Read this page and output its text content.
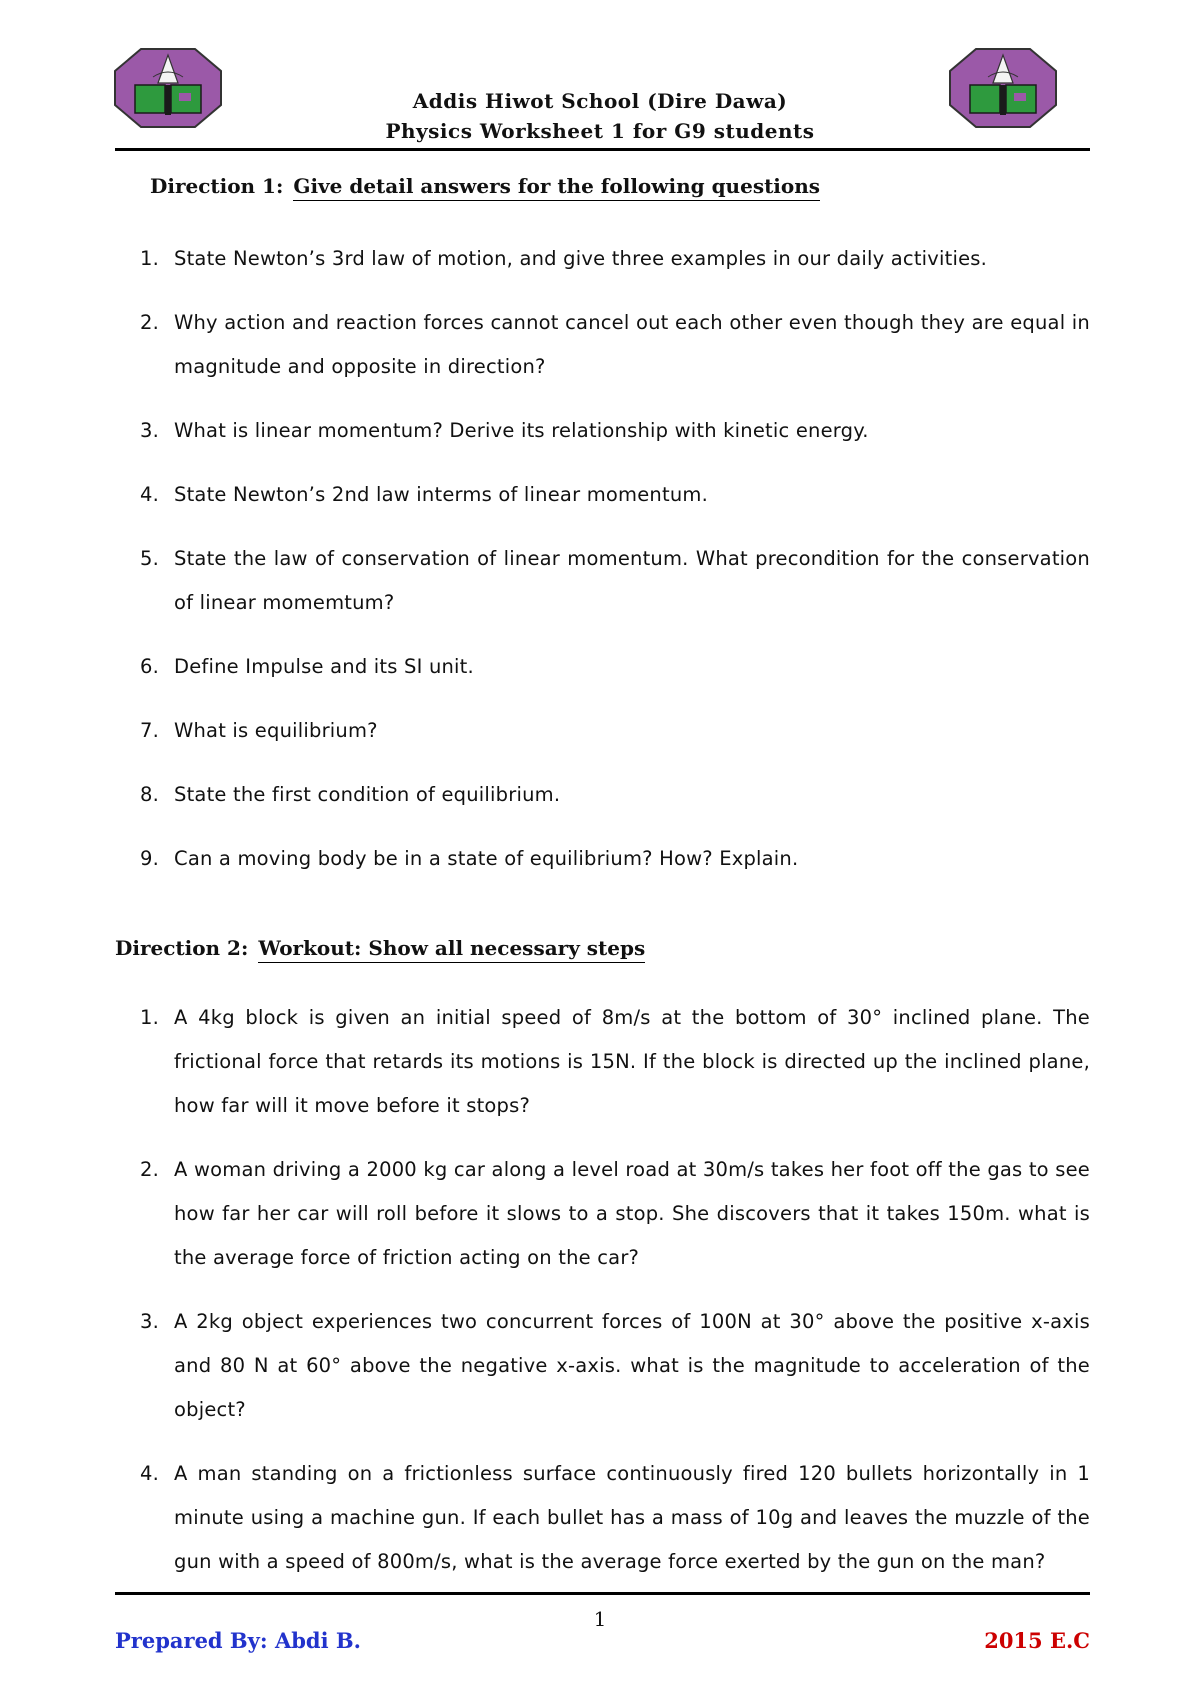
Addis Hiwot School (Dire Dawa)
Physics Worksheet 1 for G9 students
Direction 1: Give detail answers for the following questions
1. State Newton’s 3rd law of motion, and give three examples in our daily activities.
2. Why action and reaction forces cannot cancel out each other even though they are equal in magnitude and opposite in direction?
3. What is linear momentum? Derive its relationship with kinetic energy.
4. State Newton’s 2nd law interms of linear momentum.
5. State the law of conservation of linear momentum. What precondition for the conservation of linear momemtum?
6. Define Impulse and its SI unit.
7. What is equilibrium?
8. State the first condition of equilibrium.
9. Can a moving body be in a state of equilibrium? How? Explain.
Direction 2: Workout: Show all necessary steps
1. A 4kg block is given an initial speed of 8m/s at the bottom of 30° inclined plane. The frictional force that retards its motions is 15N. If the block is directed up the inclined plane, how far will it move before it stops?
2. A woman driving a 2000 kg car along a level road at 30m/s takes her foot off the gas to see how far her car will roll before it slows to a stop. She discovers that it takes 150m. what is the average force of friction acting on the car?
3. A 2kg object experiences two concurrent forces of 100N at 30° above the positive x-axis and 80 N at 60° above the negative x-axis. what is the magnitude to acceleration of the object?
4. A man standing on a frictionless surface continuously fired 120 bullets horizontally in 1 minute using a machine gun. If each bullet has a mass of 10g and leaves the muzzle of the gun with a speed of 800m/s, what is the average force exerted by the gun on the man?
1
Prepared By: Abdi B.	2015 E.C
